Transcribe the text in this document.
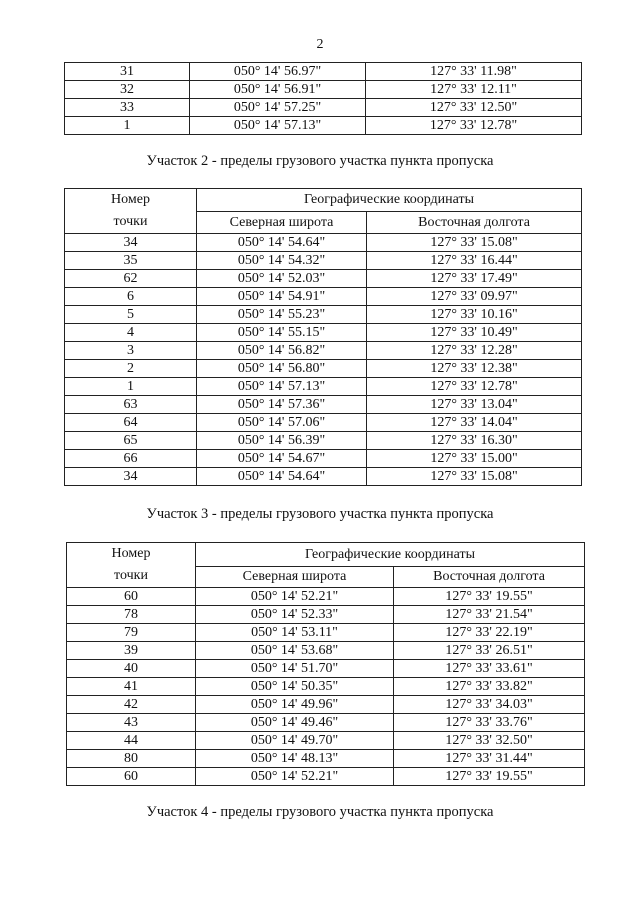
2
31	050° 14' 56.97"	127° 33' 11.98"
32	050° 14' 56.91"	127° 33' 12.11"
33	050° 14' 57.25"	127° 33' 12.50"
1	050° 14' 57.13"	127° 33' 12.78"
Участок 2 - пределы грузового участка пункта пропуска
Номер
точки	Географические координаты	
	Северная широта	Восточная долгота
34	050° 14' 54.64"	127° 33' 15.08"
35	050° 14' 54.32"	127° 33' 16.44"
62	050° 14' 52.03"	127° 33' 17.49"
6	050° 14' 54.91"	127° 33' 09.97"
5	050° 14' 55.23"	127° 33' 10.16"
4	050° 14' 55.15"	127° 33' 10.49"
3	050° 14' 56.82"	127° 33' 12.28"
2	050° 14' 56.80"	127° 33' 12.38"
1	050° 14' 57.13"	127° 33' 12.78"
63	050° 14' 57.36"	127° 33' 13.04"
64	050° 14' 57.06"	127° 33' 14.04"
65	050° 14' 56.39"	127° 33' 16.30"
66	050° 14' 54.67"	127° 33' 15.00"
34	050° 14' 54.64"	127° 33' 15.08"
Участок 3 - пределы грузового участка пункта пропуска
Номер
точки	Географические координаты	
	Северная широта	Восточная долгота
60	050° 14' 52.21"	127° 33' 19.55"
78	050° 14' 52.33"	127° 33' 21.54"
79	050° 14' 53.11"	127° 33' 22.19"
39	050° 14' 53.68"	127° 33' 26.51"
40	050° 14' 51.70"	127° 33' 33.61"
41	050° 14' 50.35"	127° 33' 33.82"
42	050° 14' 49.96"	127° 33' 34.03"
43	050° 14' 49.46"	127° 33' 33.76"
44	050° 14' 49.70"	127° 33' 32.50"
80	050° 14' 48.13"	127° 33' 31.44"
60	050° 14' 52.21"	127° 33' 19.55"
Участок 4 - пределы грузового участка пункта пропуска
